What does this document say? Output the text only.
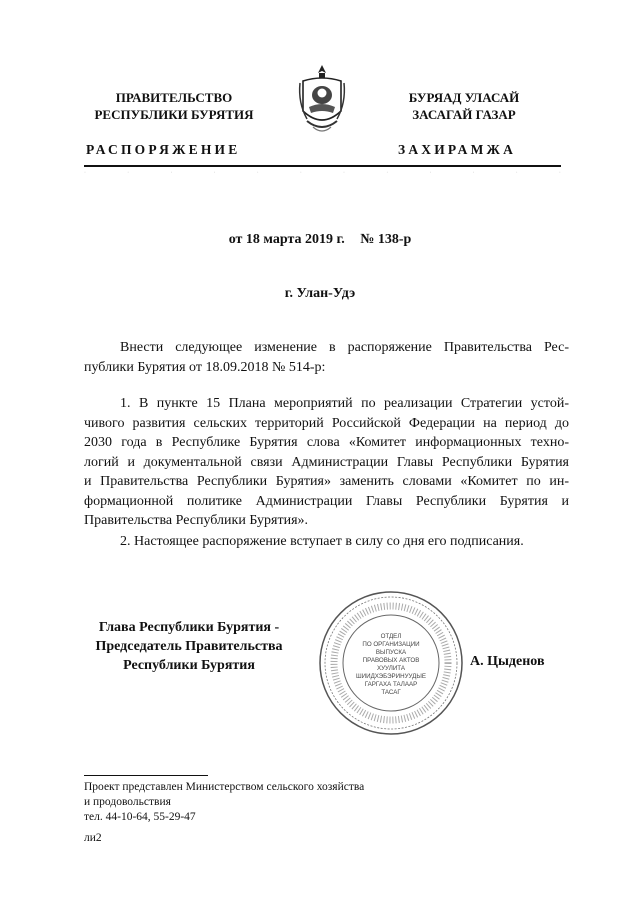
ПРАВИТЕЛЬСТВО
РЕСПУБЛИКИ БУРЯТИЯ
БУРЯАД УЛАСАЙ
ЗАСАГАЙ ГАЗАР
РАСПОРЯЖЕНИЕ	ЗАХИРАМЖА
·	·	·	·	·	·	·	·	·	·	·	·
от 18 марта 2019 г. № 138-р
г. Улан-Удэ
Внести следующее изменение в распоряжение Правительства Рес-
публики Бурятия от 18.09.2018 № 514-р:
1. В пункте 15 Плана мероприятий по реализации Стратегии устой-
чивого развития сельских территорий Российской Федерации на период до
2030 года в Республике Бурятия слова «Комитет информационных техно-
логий и документальной связи Администрации Главы Республики Бурятия
и Правительства Республики Бурятия» заменить словами «Комитет по ин-
формационной политике Администрации Главы Республики Бурятия и
Правительства Республики Бурятия».
2. Настоящее распоряжение вступает в силу со дня его подписания.
Глава Республики Бурятия -
Председатель Правительства
Республики Бурятия
ОТДЕЛ
ПО ОРГАНИЗАЦИИ
ВЫПУСКА
ПРАВОВЫХ АКТОВ
ХУУЛИТА
ШИИДХЭБЭРИНУУДЫЕ
ГАРГАХА ТАЛААР
ТАСАГ
А. Цыденов
Проект представлен Министерством сельского хозяйства
и продовольствия
тел. 44-10-64, 55-29-47
ли2
